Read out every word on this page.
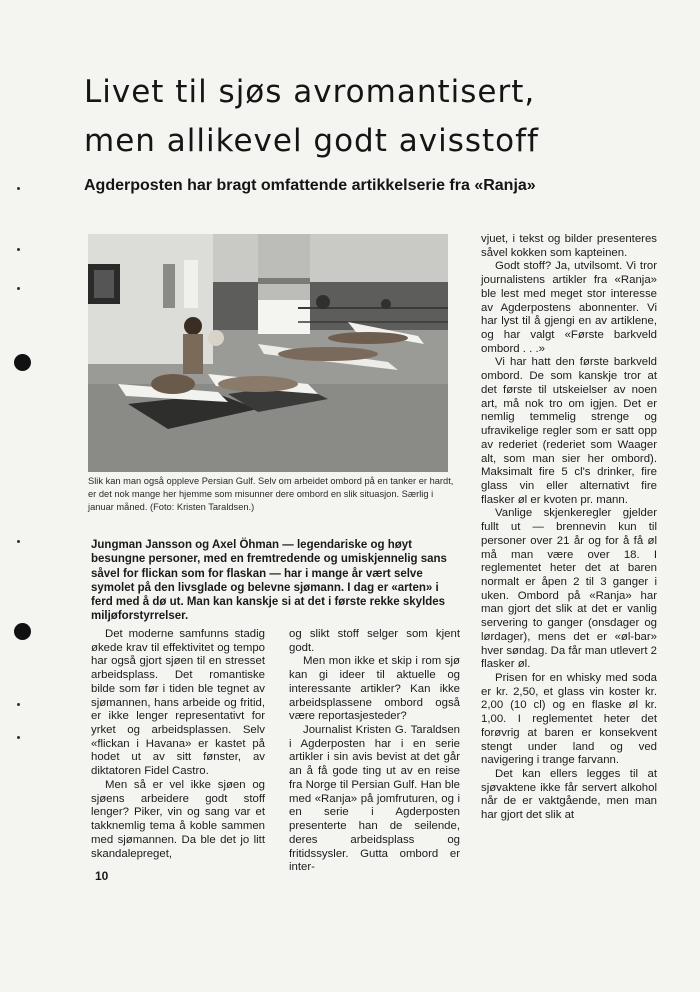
Livet til sjøs avromantisert,
men allikevel godt avisstoff
Agderposten har bragt omfattende artikkelserie fra «Ranja»

Slik kan man også oppleve Persian Gulf. Selv om arbeidet ombord på en tanker er hardt, er det nok mange her hjemme som misunner dere ombord en slik situasjon. Særlig i januar måned. (Foto: Kristen Taraldsen.)

Jungman Jansson og Axel Öhman — legendariske og høyt besungne personer, med en fremtredende og umiskjennelig sans såvel for flickan som for flaskan — har i mange år vært selve symolet på den livsglade og belevne sjømann. I dag er «arten» i ferd med å dø ut. Man kan kanskje si at det i første rekke skyldes miljøforstyrrelser.

Det moderne samfunns stadig økede krav til effektivitet og tempo har også gjort sjøen til en stresset arbeidsplass. Det romantiske bilde som før i tiden ble tegnet av sjømannen, hans arbeide og fritid, er ikke lenger representativt for yrket og arbeidsplassen. Selv «flickan i Havana» er kastet på hodet ut av sitt fønster, av diktatoren Fidel Castro.

Men så er vel ikke sjøen og sjøens arbeidere godt stoff lenger? Piker, vin og sang var et takknemlig tema å koble sammen med sjømannen. Da ble det jo litt skandalepreget,

og slikt stoff selger som kjent godt.

Men mon ikke et skip i rom sjø kan gi ideer til aktuelle og interessante artikler? Kan ikke arbeidsplassene ombord også være reportasjesteder?

Journalist Kristen G. Taraldsen i Agderposten har i en serie artikler i sin avis bevist at det går an å få gode ting ut av en reise fra Norge til Persian Gulf. Han ble med «Ranja» på jomfruturen, og i en serie i Agderposten presenterte han de seilende, deres arbeidsplass og fritidssysler. Gutta ombord er inter-

vjuet, i tekst og bilder presenteres såvel kokken som kapteinen.

Godt stoff? Ja, utvilsomt. Vi tror journalistens artikler fra «Ranja» ble lest med meget stor interesse av Agderpostens abonnenter. Vi har lyst til å gjengi en av artiklene, og har valgt «Første barkveld ombord . . .»

Vi har hatt den første barkveld ombord. De som kanskje tror at det første til utskeielser av noen art, må nok tro om igjen. Det er nemlig temmelig strenge og ufravikelige regler som er satt opp av rederiet (rederiet som Waager alt, som man sier her ombord). Maksimalt fire 5 cl's drinker, fire glass vin eller alternativt fire flasker øl er kvoten pr. mann.

Vanlige skjenkeregler gjelder fullt ut — brennevin kun til personer over 21 år og for å få øl må man være over 18. I reglementet heter det at baren normalt er åpen 2 til 3 ganger i uken. Ombord på «Ranja» har man gjort det slik at det er vanlig servering to ganger (onsdager og lørdager), mens det er «øl-bar» hver søndag. Da får man utlevert 2 flasker øl.

Prisen for en whisky med soda er kr. 2,50, et glass vin koster kr. 2,00 (10 cl) og en flaske øl kr. 1,00. I reglementet heter det forøvrig at baren er konsekvent stengt under land og ved navigering i trange farvann.

Det kan ellers legges til at sjøvaktene ikke får servert alkohol når de er vaktgående, men man har gjort det slik at

10
